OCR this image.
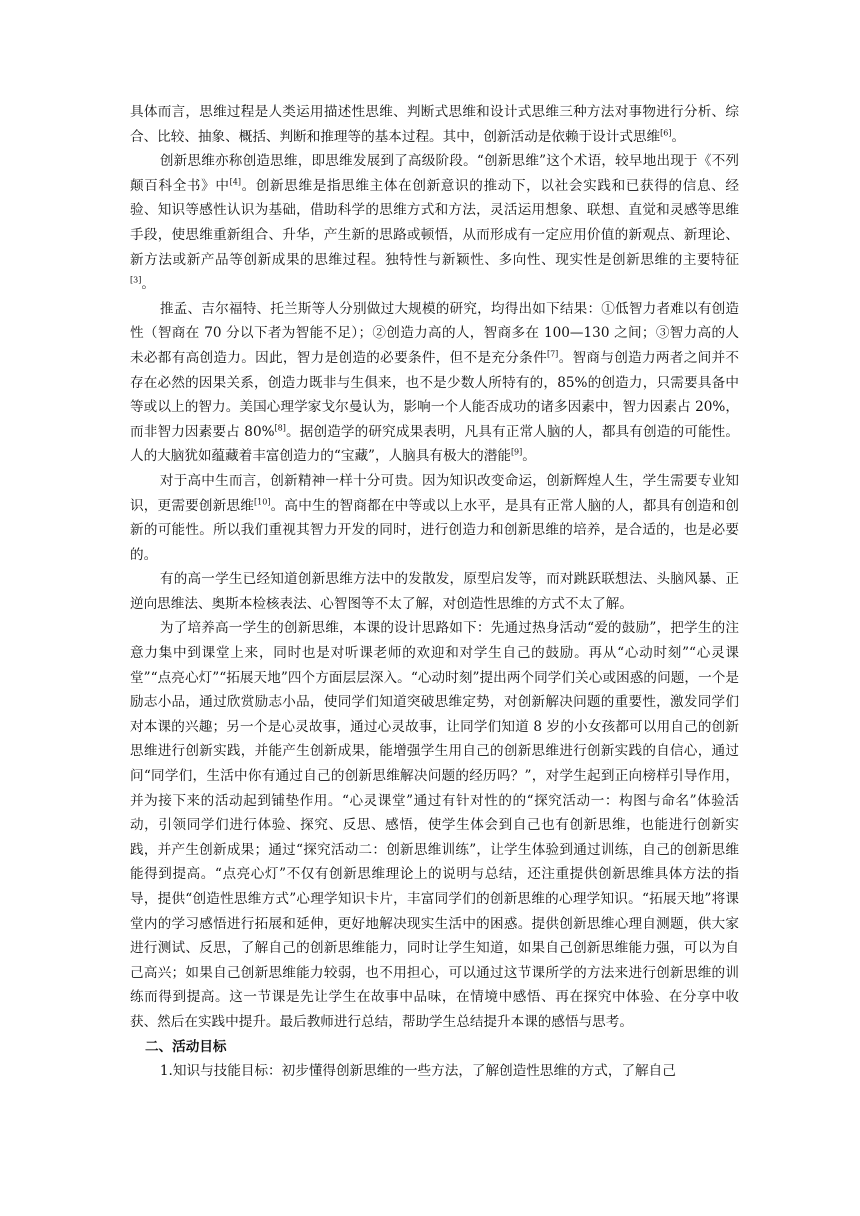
具体而言，思维过程是人类运用描述性思维、判断式思维和设计式思维三种方法对事物进行分析、综合、比较、抽象、概括、判断和推理等的基本过程。其中，创新活动是依赖于设计式思维[6]。

创新思维亦称创造思维，即思维发展到了高级阶段。“创新思维”这个术语，较早地出现于《不列颠百科全书》中[4]。创新思维是指思维主体在创新意识的推动下，以社会实践和已获得的信息、经验、知识等感性认识为基础，借助科学的思维方式和方法，灵活运用想象、联想、直觉和灵感等思维手段，使思维重新组合、升华，产生新的思路或顿悟，从而形成有一定应用价值的新观点、新理论、新方法或新产品等创新成果的思维过程。独特性与新颖性、多向性、现实性是创新思维的主要特征[3]。

推孟、吉尔福特、托兰斯等人分别做过大规模的研究，均得出如下结果：①低智力者难以有创造性（智商在 70 分以下者为智能不足）；②创造力高的人，智商多在 100—130 之间；③智力高的人未必都有高创造力。因此，智力是创造的必要条件，但不是充分条件[7]。智商与创造力两者之间并不存在必然的因果关系，创造力既非与生俱来，也不是少数人所特有的，85%的创造力，只需要具备中等或以上的智力。美国心理学家戈尔曼认为，影响一个人能否成功的诸多因素中，智力因素占 20%，而非智力因素要占 80%[8]。据创造学的研究成果表明，凡具有正常人脑的人，都具有创造的可能性。人的大脑犹如蕴藏着丰富创造力的“宝藏”，人脑具有极大的潜能[9]。

对于高中生而言，创新精神一样十分可贵。因为知识改变命运，创新辉煌人生，学生需要专业知识，更需要创新思维[10]。高中生的智商都在中等或以上水平，是具有正常人脑的人，都具有创造和创新的可能性。所以我们重视其智力开发的同时，进行创造力和创新思维的培养，是合适的，也是必要的。

有的高一学生已经知道创新思维方法中的发散发，原型启发等，而对跳跃联想法、头脑风暴、正逆向思维法、奥斯本检核表法、心智图等不太了解，对创造性思维的方式不太了解。

为了培养高一学生的创新思维，本课的设计思路如下：先通过热身活动“爱的鼓励”，把学生的注意力集中到课堂上来，同时也是对听课老师的欢迎和对学生自己的鼓励。再从“心动时刻”“心灵课堂”“点亮心灯”“拓展天地”四个方面层层深入。“心动时刻”提出两个同学们关心或困惑的问题，一个是励志小品，通过欣赏励志小品，使同学们知道突破思维定势，对创新解决问题的重要性，激发同学们对本课的兴趣；另一个是心灵故事，通过心灵故事，让同学们知道 8 岁的小女孩都可以用自己的创新思维进行创新实践，并能产生创新成果，能增强学生用自己的创新思维进行创新实践的自信心，通过问“同学们，生活中你有通过自己的创新思维解决问题的经历吗？”，对学生起到正向榜样引导作用，并为接下来的活动起到铺垫作用。“心灵课堂”通过有针对性的的“探究活动一：构图与命名”体验活动，引领同学们进行体验、探究、反思、感悟，使学生体会到自己也有创新思维，也能进行创新实践，并产生创新成果；通过“探究活动二：创新思维训练”，让学生体验到通过训练，自己的创新思维能得到提高。“点亮心灯”不仅有创新思维理论上的说明与总结，还注重提供创新思维具体方法的指导，提供“创造性思维方式”心理学知识卡片，丰富同学们的创新思维的心理学知识。“拓展天地”将课堂内的学习感悟进行拓展和延伸，更好地解决现实生活中的困惑。提供创新思维心理自测题，供大家进行测试、反思，了解自己的创新思维能力，同时让学生知道，如果自己创新思维能力强，可以为自己高兴；如果自己创新思维能力较弱，也不用担心，可以通过这节课所学的方法来进行创新思维的训练而得到提高。这一节课是先让学生在故事中品味，在情境中感悟、再在探究中体验、在分享中收获、然后在实践中提升。最后教师进行总结，帮助学生总结提升本课的感悟与思考。

二、活动目标

1.知识与技能目标：初步懂得创新思维的一些方法，了解创造性思维的方式，了解自己
